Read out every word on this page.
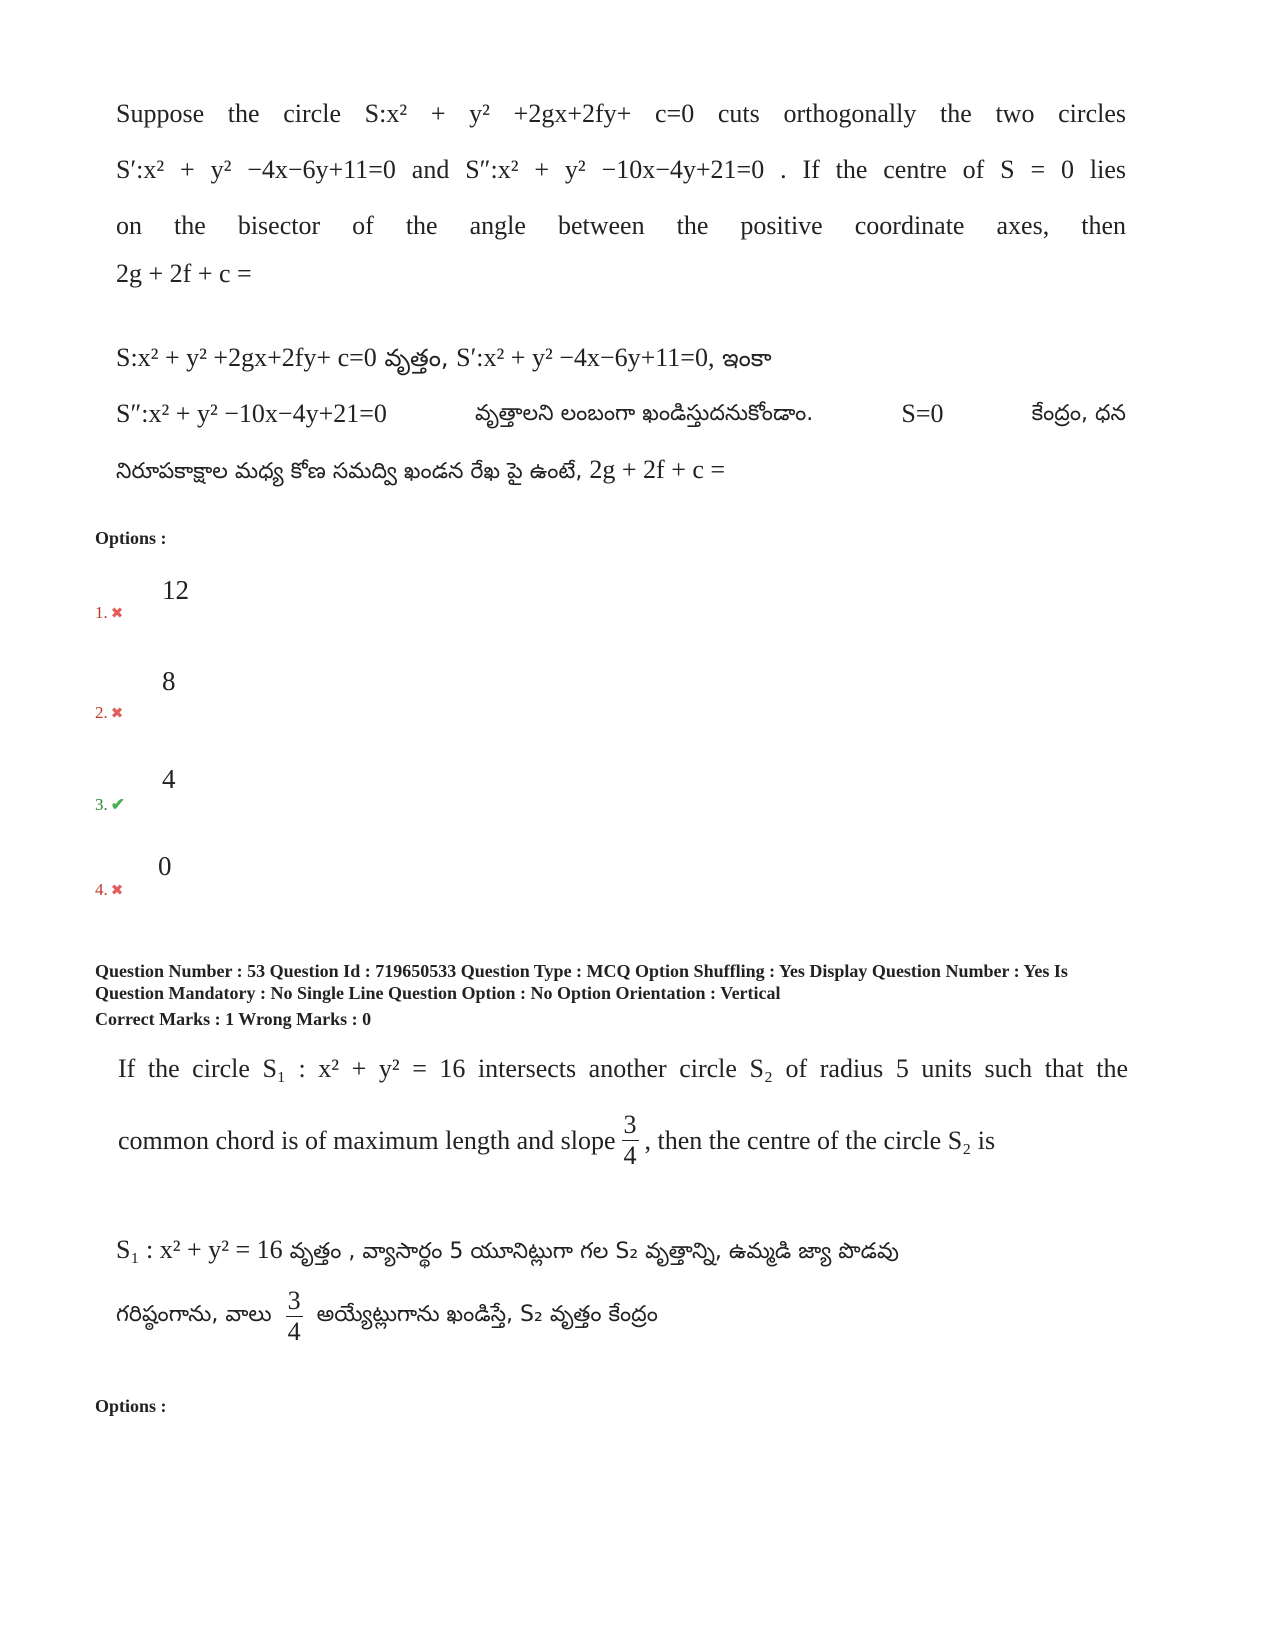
Suppose the circle S:x² + y² +2gx+2fy+ c=0 cuts orthogonally the two circles
S′:x² + y² −4x−6y+11=0 and S″:x² + y² −10x−4y+21=0 . If the centre of S = 0 lies
on the bisector of the angle between the positive coordinate axes, then
2g + 2f + c =
S:x² + y² +2gx+2fy+ c=0 వృత్తం, S′:x² + y² −4x−6y+11=0, ఇంకా
S″:x² + y² −10x−4y+21=0	వృత్తాలని లంబంగా ఖండిస్తుదనుకోండాం.	S=0	కేంద్రం, ధన
నిరూపకాక్షాల మధ్య కోణ సమద్వి ఖండన రేఖ పై ఉంటే, 2g + 2f + c =
Options :
12
1. ✖
8
2. ✖
4
3. ✔
0
4. ✖
Question Number : 53 Question Id : 719650533 Question Type : MCQ Option Shuffling : Yes Display Question Number : Yes Is
Question Mandatory : No Single Line Question Option : No Option Orientation : Vertical
Correct Marks : 1 Wrong Marks : 0
If the circle S₁ : x² + y² = 16 intersects another circle S₂ of radius 5 units such that the
common chord is of maximum length and slope $\frac{3}{4}$ , then the centre of the circle S₂ is
S₁ : x² + y² = 16 వృత్తం , వ్యాసార్థం 5 యూనిట్లుగా గల S₂ వృత్తాన్ని, ఉమ్మడి జ్యా పొడవు
గరిష్ఠంగాను, వాలు $\frac{3}{4}$ అయ్యేట్లుగాను ఖండిస్తే, S₂ వృత్తం కేంద్రం
Options :
